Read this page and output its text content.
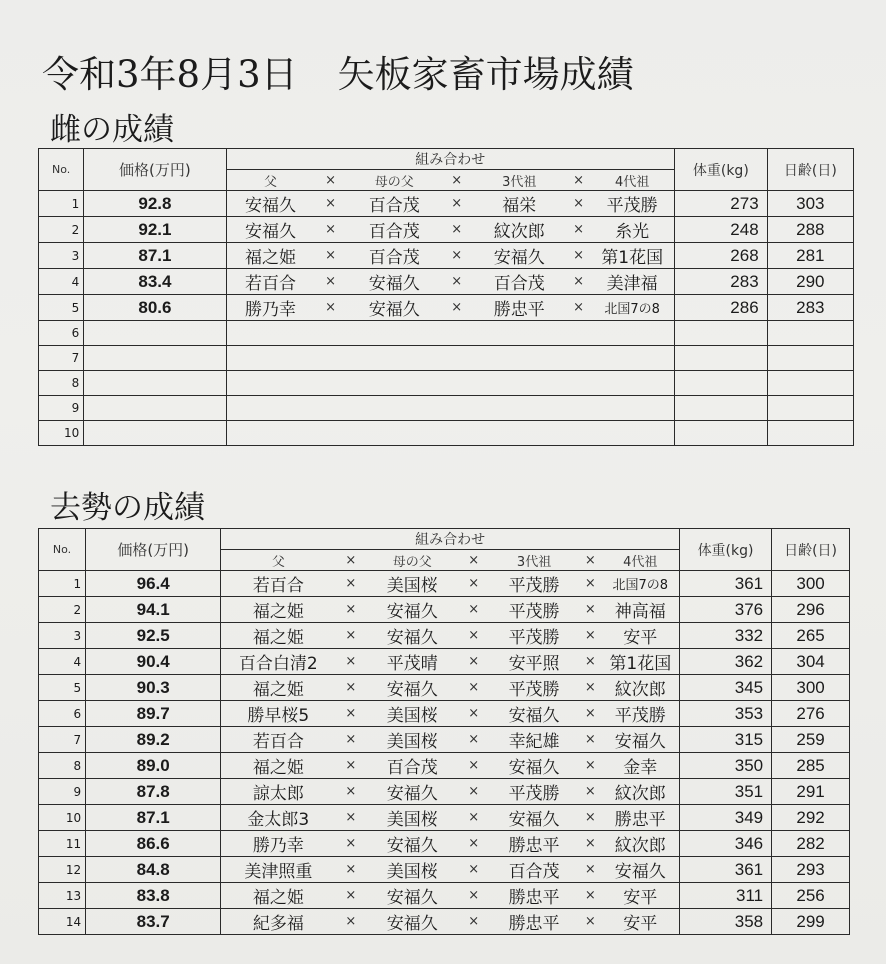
令和3年8月3日 矢板家畜市場成績
雌の成績
No.	価格(万円)	組み合わせ							体重(kg)	日齢(日)
		父	×	母の父	×	3代祖	×	4代祖		
1	92.8	安福久	×	百合茂	×	福栄	×	平茂勝	273	303
2	92.1	安福久	×	百合茂	×	紋次郎	×	糸光	248	288
3	87.1	福之姫	×	百合茂	×	安福久	×	第1花国	268	281
4	83.4	若百合	×	安福久	×	百合茂	×	美津福	283	290
5	80.6	勝乃幸	×	安福久	×	勝忠平	×	北国7の8	286	283
6										
7										
8										
9										
10										
去勢の成績
No.	価格(万円)	組み合わせ							体重(kg)	日齢(日)
		父	×	母の父	×	3代祖	×	4代祖		
1	96.4	若百合	×	美国桜	×	平茂勝	×	北国7の8	361	300
2	94.1	福之姫	×	安福久	×	平茂勝	×	神高福	376	296
3	92.5	福之姫	×	安福久	×	平茂勝	×	安平	332	265
4	90.4	百合白清2	×	平茂晴	×	安平照	×	第1花国	362	304
5	90.3	福之姫	×	安福久	×	平茂勝	×	紋次郎	345	300
6	89.7	勝早桜5	×	美国桜	×	安福久	×	平茂勝	353	276
7	89.2	若百合	×	美国桜	×	幸紀雄	×	安福久	315	259
8	89.0	福之姫	×	百合茂	×	安福久	×	金幸	350	285
9	87.8	諒太郎	×	安福久	×	平茂勝	×	紋次郎	351	291
10	87.1	金太郎3	×	美国桜	×	安福久	×	勝忠平	349	292
11	86.6	勝乃幸	×	安福久	×	勝忠平	×	紋次郎	346	282
12	84.8	美津照重	×	美国桜	×	百合茂	×	安福久	361	293
13	83.8	福之姫	×	安福久	×	勝忠平	×	安平	311	256
14	83.7	紀多福	×	安福久	×	勝忠平	×	安平	358	299
